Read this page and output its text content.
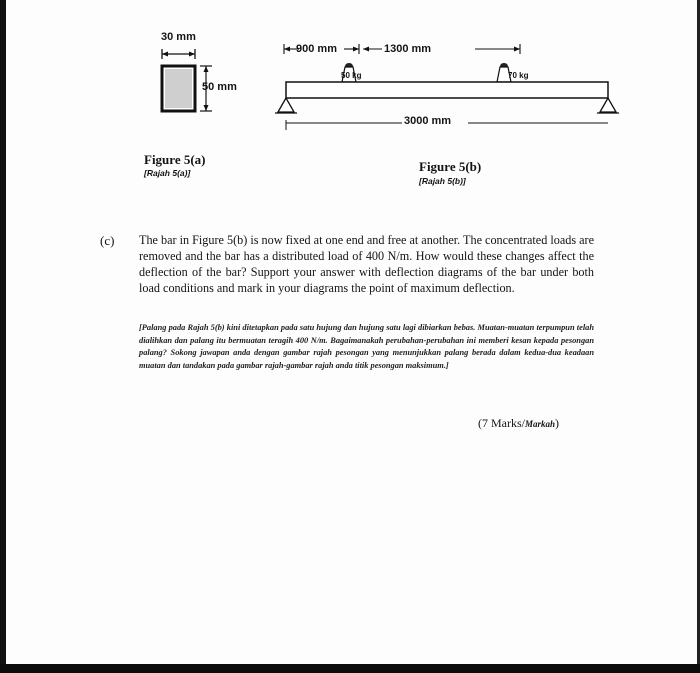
30 mm
50 mm
Figure 5(a)
[Rajah 5(a)]
900 mm	1300 mm
3000 mm
50 kg	70 kg
Figure 5(b)
[Rajah 5(b)]
(c) The bar in Figure 5(b) is now fixed at one end and free at another. The concentrated loads are removed and the bar has a distributed load of 400 N/m. How would these changes affect the deflection of the bar? Support your answer with deflection diagrams of the bar under both load conditions and mark in your diagrams the point of maximum deflection.
[Palang pada Rajah 5(b) kini ditetapkan pada satu hujung dan hujung satu lagi dibiarkan bebas. Muatan-muatan terpumpun telah dialihkan dan palang itu bermuatan teragih 400 N/m. Bagaimanakah perubahan-perubahan ini memberi kesan kepada pesongan palang? Sokong jawapan anda dengan gambar rajah pesongan yang menunjukkan palang berada dalam kedua-dua keadaan muatan dan tandakan pada gambar rajah-gambar rajah anda titik pesongan maksimum.]
(7 Marks/Markah)
